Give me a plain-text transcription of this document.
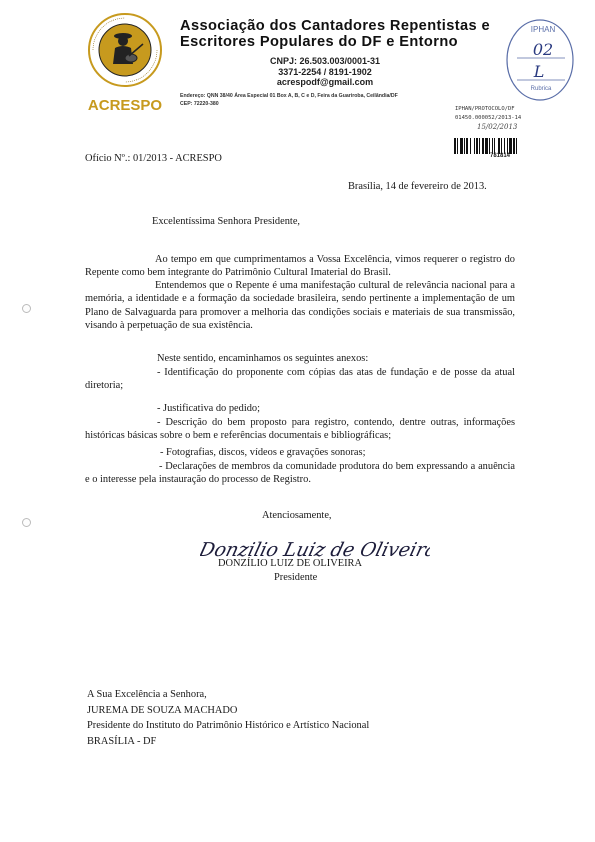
ACRESPO
Associação dos Cantadores Repentistas e
Escritores Populares do DF e Entorno
CNPJ: 26.503.003/0001-31
3371-2254 / 8191-1902
acrespodf@gmail.com
Endereço: QNN 38/40 Área Especial 01 Box A, B, C e D, Feira da Guariroba, Ceilândia/DF
CEP: 72220-380
IPHAN
02
L
Rubrica
IPHAN/PROTOCOLO/DF
01450.000052/2013-14
15/02/2013
781814
Ofício Nº.: 01/2013 - ACRESPO
Brasília, 14 de fevereiro de 2013.
Excelentíssima Senhora Presidente,
Ao tempo em que cumprimentamos a Vossa Excelência, vimos requerer o registro do Repente como bem integrante do Patrimônio Cultural Imaterial do Brasil.
Entendemos que o Repente é uma manifestação cultural de relevância nacional para a memória, a identidade e a formação da sociedade brasileira, sendo pertinente a implementação de um Plano de Salvaguarda para promover a melhoria das condições sociais e materiais de sua transmissão, visando à perpetuação de sua existência.
Neste sentido, encaminhamos os seguintes anexos:
- Identificação do proponente com cópias das atas de fundação e de posse da atual diretoria;
- Justificativa do pedido;
- Descrição do bem proposto para registro, contendo, dentre outras, informações históricas básicas sobre o bem e referências documentais e bibliográficas;
- Fotografias, discos, vídeos e gravações sonoras;
- Declarações de membros da comunidade produtora do bem expressando a anuência e o interesse pela instauração do processo de Registro.
Atenciosamente,
Donzilio Luiz de Oliveira
DONZÍLIO LUIZ DE OLIVEIRA
Presidente
A Sua Excelência a Senhora,
JUREMA DE SOUZA MACHADO
Presidente do Instituto do Patrimônio Histórico e Artístico Nacional
BRASÍLIA - DF
